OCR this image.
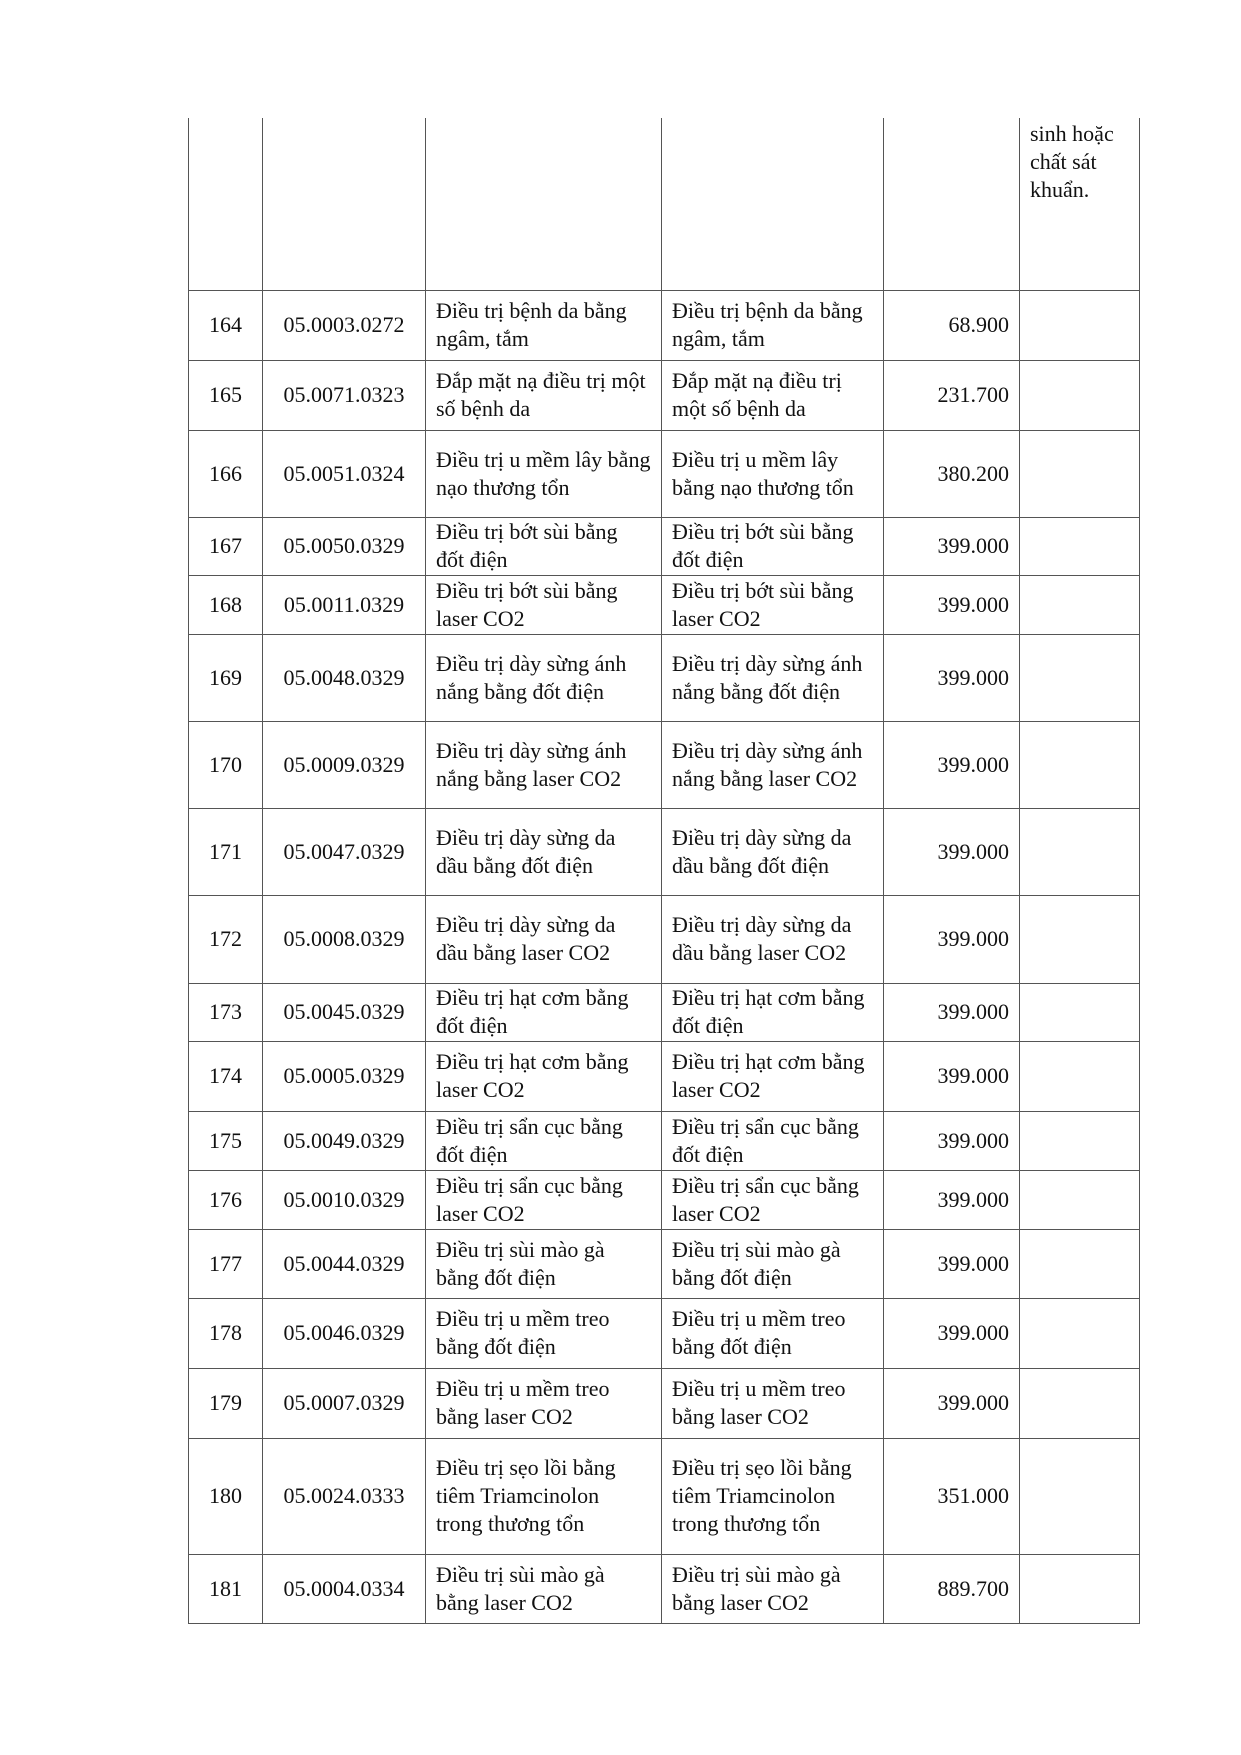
					sinh hoặc chất sát khuẩn.
164	05.0003.0272	Điều trị bệnh da bằng ngâm, tắm	Điều trị bệnh da bằng ngâm, tắm	68.900	
165	05.0071.0323	Đắp mặt nạ điều trị một số bệnh da	Đắp mặt nạ điều trị một số bệnh da	231.700	
166	05.0051.0324	Điều trị u mềm lây bằng nạo thương tổn	Điều trị u mềm lây bằng nạo thương tổn	380.200	
167	05.0050.0329	Điều trị bớt sùi bằng đốt điện	Điều trị bớt sùi bằng đốt điện	399.000	
168	05.0011.0329	Điều trị bớt sùi bằng laser CO2	Điều trị bớt sùi bằng laser CO2	399.000	
169	05.0048.0329	Điều trị dày sừng ánh nắng bằng đốt điện	Điều trị dày sừng ánh nắng bằng đốt điện	399.000	
170	05.0009.0329	Điều trị dày sừng ánh nắng bằng laser CO2	Điều trị dày sừng ánh nắng bằng laser CO2	399.000	
171	05.0047.0329	Điều trị dày sừng da dầu bằng đốt điện	Điều trị dày sừng da dầu bằng đốt điện	399.000	
172	05.0008.0329	Điều trị dày sừng da dầu bằng laser CO2	Điều trị dày sừng da dầu bằng laser CO2	399.000	
173	05.0045.0329	Điều trị hạt cơm bằng đốt điện	Điều trị hạt cơm bằng đốt điện	399.000	
174	05.0005.0329	Điều trị hạt cơm bằng laser CO2	Điều trị hạt cơm bằng laser CO2	399.000	
175	05.0049.0329	Điều trị sẩn cục bằng đốt điện	Điều trị sẩn cục bằng đốt điện	399.000	
176	05.0010.0329	Điều trị sẩn cục bằng laser CO2	Điều trị sẩn cục bằng laser CO2	399.000	
177	05.0044.0329	Điều trị sùi mào gà bằng đốt điện	Điều trị sùi mào gà bằng đốt điện	399.000	
178	05.0046.0329	Điều trị u mềm treo bằng đốt điện	Điều trị u mềm treo bằng đốt điện	399.000	
179	05.0007.0329	Điều trị u mềm treo bằng laser CO2	Điều trị u mềm treo bằng laser CO2	399.000	
180	05.0024.0333	Điều trị sẹo lồi bằng tiêm Triamcinolon trong thương tổn	Điều trị sẹo lồi bằng tiêm Triamcinolon trong thương tổn	351.000	
181	05.0004.0334	Điều trị sùi mào gà bằng laser CO2	Điều trị sùi mào gà bằng laser CO2	889.700	
